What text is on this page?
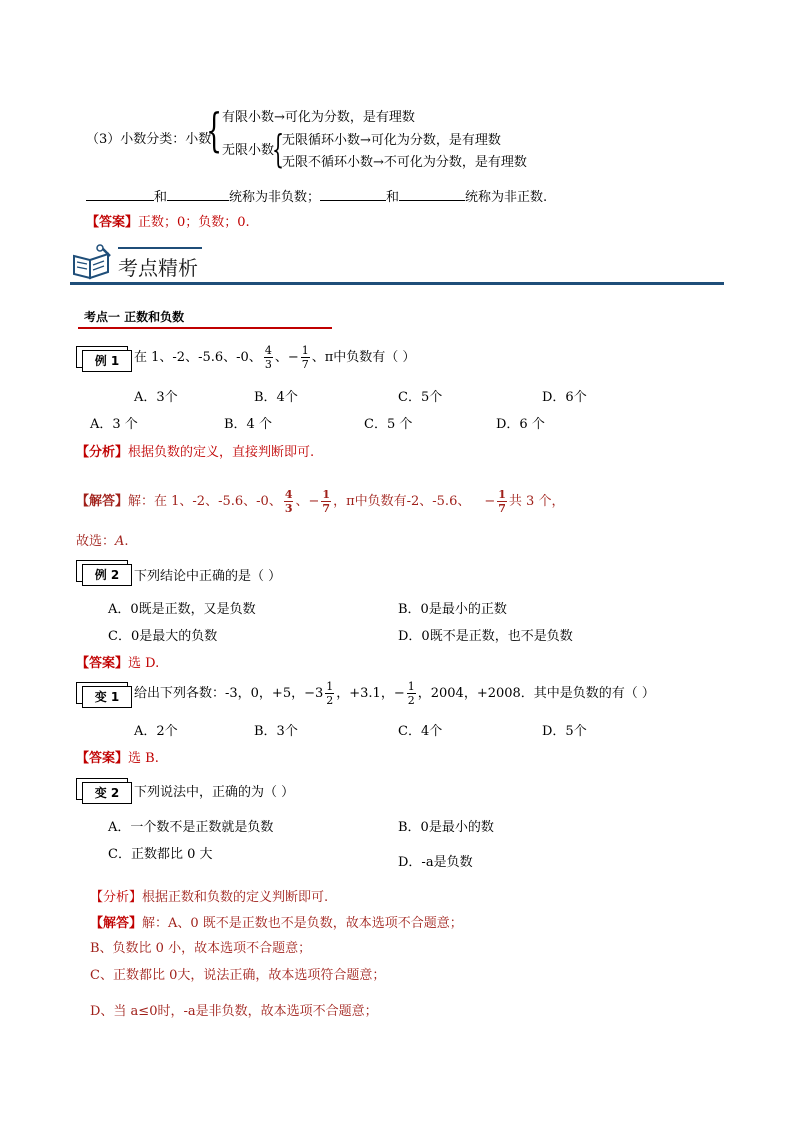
（3）小数分类：小数
{ 有限小数→可化为分数，是有理数
无限小数
{
无限循环小数→可化为分数，是有理数
无限不循环小数→不可化为分数，是有理数
和	统称为非负数；	和	统称为非正数.
【答案】正数；0；负数；0.
考点精析
考点一 正数和负数
例 1	在 1、-2、-5.6、-0、 $\frac{4}{3}$ 、− $\frac{1}{7}$ 、π中负数有（ ）
A．3个	B．4个	C．5个	D．6个
A．3 个	B．4 个	C．5 个	D．6 个
【分析】根据负数的定义，直接判断即可.
【解答】解：在 1、-2、-5.6、-0、 $\frac{4}{3}$ 、− $\frac{1}{7}$ ，π中负数有-2、-5.6、 − $\frac{1}{7}$ 共 3 个，
故选：A.
例 2	下列结论中正确的是（ ）
A．0既是正数，又是负数	B．0是最小的正数
C．0是最大的负数	D．0既不是正数，也不是负数
【答案】选 D.
变 1	给出下列各数：-3，0，+5，$-3 \frac{1}{2}$ ，+3.1，− $\frac{1}{2}$ ，2004，+2008．其中是负数的有（ ）
A．2个	B．3个	C．4个	D．5个
【答案】选 B.
变 2	下列说法中，正确的为（ ）
A．一个数不是正数就是负数	B．0是最小的数
C．正数都比 0 大
D．-a是负数
【分析】根据正数和负数的定义判断即可.
【解答】解：A、0 既不是正数也不是负数，故本选项不合题意；
B、负数比 0 小，故本选项不合题意；
C、正数都比 0大，说法正确，故本选项符合题意；
D、当 a≤0时，-a是非负数，故本选项不合题意；
